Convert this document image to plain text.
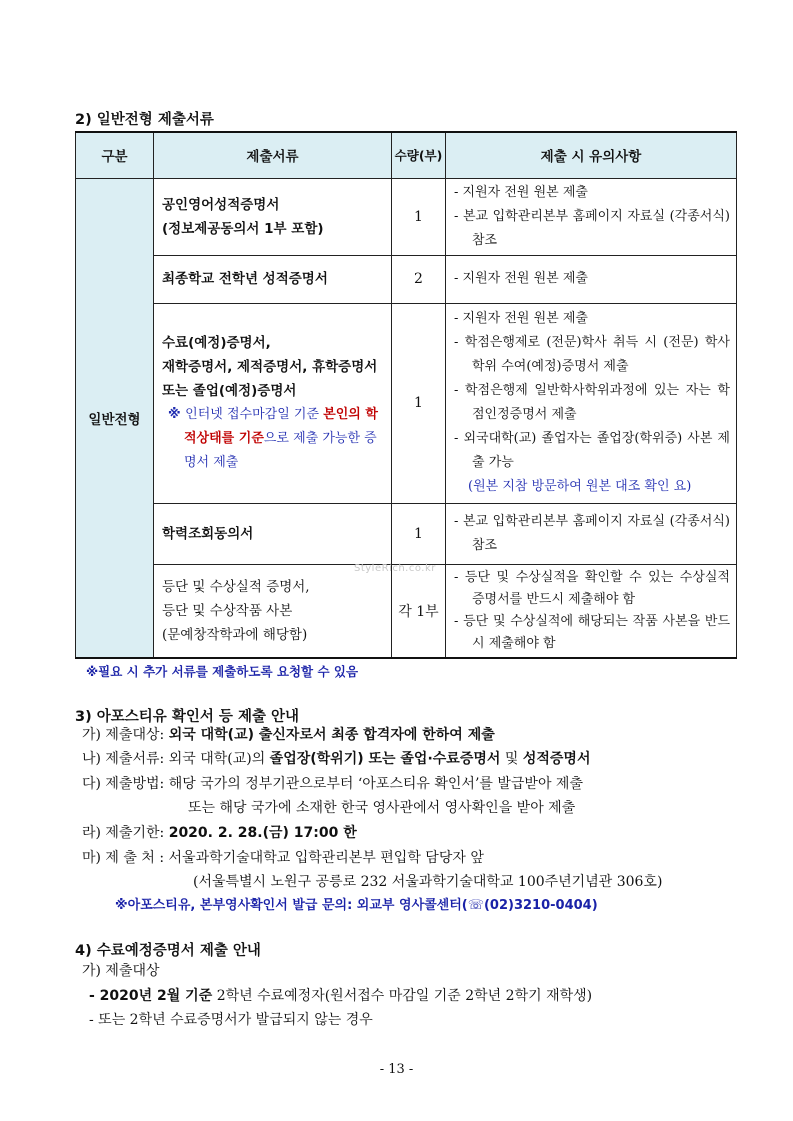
2) 일반전형 제출서류
구분	제출서류	수량(부)	제출 시 유의사항
일반전형	공인영어성적증명서
(정보제공동의서 1부 포함)	1	- 지원자 전원 원본 제출
- 본교 입학관리본부 홈페이지 자료실 (각종서식) 참조

	최종학교 전학년 성적증명서	2	- 지원자 전원 원본 제출

	수료(예정)증명서,
재학증명서, 제적증명서, 휴학증명서
또는 졸업(예정)증명서
※ 인터넷 접수마감일 기준 본인의 학적상태를 기준으로 제출 가능한 증명서 제출	1	- 지원자 전원 원본 제출
- 학점은행제로 (전문)학사 취득 시 (전문) 학사 학위 수여(예정)증명서 제출
- 학점은행제 일반학사학위과정에 있는 자는 학점인정증명서 제출
- 외국대학(교) 졸업자는 졸업장(학위증) 사본 제출 가능
(원본 지참 방문하여 원본 대조 확인 요)

	학력조회동의서	1	- 본교 입학관리본부 홈페이지 자료실 (각종서식) 참조

	등단 및 수상실적 증명서,
등단 및 수상작품 사본
(문예창작학과에 해당함)	각 1부	- 등단 및 수상실적을 확인할 수 있는 수상실적 증명서를 반드시 제출해야 함
- 등단 및 수상실적에 해당되는 작품 사본을 반드시 제출해야 함
StyleRich.co.kr
※필요 시 추가 서류를 제출하도록 요청할 수 있음
3) 아포스티유 확인서 등 제출 안내
가) 제출대상: 외국 대학(교) 출신자로서 최종 합격자에 한하여 제출
나) 제출서류: 외국 대학(교)의 졸업장(학위기) 또는 졸업·수료증명서 및 성적증명서
다) 제출방법: 해당 국가의 정부기관으로부터 ‘아포스티유 확인서’를 발급받아 제출
또는 해당 국가에 소재한 한국 영사관에서 영사확인을 받아 제출
라) 제출기한: 2020. 2. 28.(금) 17:00 한
마) 제 출 처 : 서울과학기술대학교 입학관리본부 편입학 담당자 앞
(서울특별시 노원구 공릉로 232 서울과학기술대학교 100주년기념관 306호)
※아포스티유, 본부영사확인서 발급 문의: 외교부 영사콜센터(☏(02)3210-0404)
4) 수료예정증명서 제출 안내
가) 제출대상
- 2020년 2월 기준 2학년 수료예정자(원서접수 마감일 기준 2학년 2학기 재학생)
- 또는 2학년 수료증명서가 발급되지 않는 경우
- 13 -
